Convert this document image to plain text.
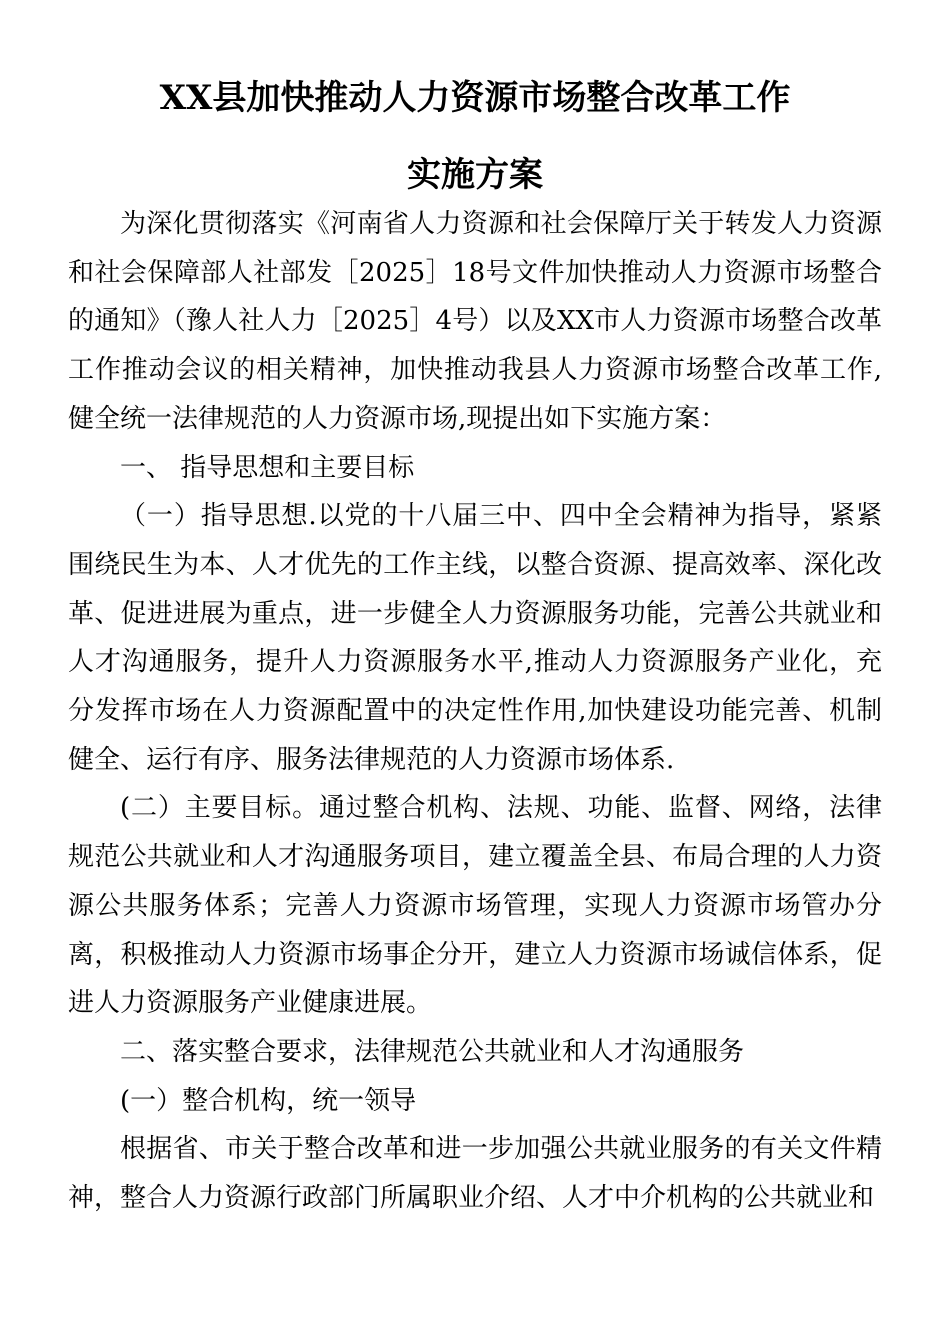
XX县加快推动人力资源市场整合改革工作
实施方案

为深化贯彻落实《河南省人力资源和社会保障厅关于转发人力资源和社会保障部人社部发［2025］18号文件加快推动人力资源市场整合的通知》（豫人社人力［2025］4号）以及XX市人力资源市场整合改革工作推动会议的相关精神，加快推动我县人力资源市场整合改革工作,健全统一法律规范的人力资源市场,现提出如下实施方案：

一、 指导思想和主要目标

（一）指导思想.以党的十八届三中、四中全会精神为指导，紧紧围绕民生为本、人才优先的工作主线，以整合资源、提高效率、深化改革、促进进展为重点，进一步健全人力资源服务功能，完善公共就业和人才沟通服务，提升人力资源服务水平,推动人力资源服务产业化，充分发挥市场在人力资源配置中的决定性作用,加快建设功能完善、机制健全、运行有序、服务法律规范的人力资源市场体系.

(二）主要目标。通过整合机构、法规、功能、监督、网络，法律规范公共就业和人才沟通服务项目，建立覆盖全县、布局合理的人力资源公共服务体系；完善人力资源市场管理，实现人力资源市场管办分离，积极推动人力资源市场事企分开，建立人力资源市场诚信体系，促进人力资源服务产业健康进展。

二、落实整合要求，法律规范公共就业和人才沟通服务

(一）整合机构，统一领导

根据省、市关于整合改革和进一步加强公共就业服务的有关文件精神，整合人力资源行政部门所属职业介绍、人才中介机构的公共就业和
